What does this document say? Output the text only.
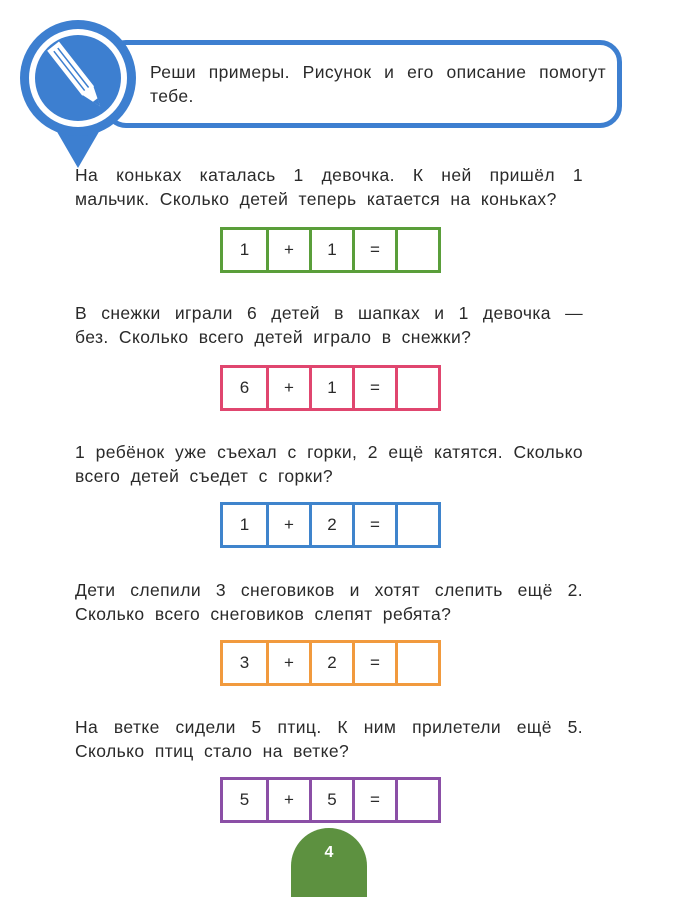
Реши примеры. Рисунок и его описание помогут тебе.
На коньках каталась 1 девочка. К ней пришёл 1 мальчик. Сколько детей теперь катается на коньках?
1	+	1	=
В снежки играли 6 детей в шапках и 1 девочка — без. Сколько всего детей играло в снежки?
6	+	1	=
1 ребёнок уже съехал с горки, 2 ещё катятся. Сколько всего детей съедет с горки?
1	+	2	=
Дети слепили 3 снеговиков и хотят слепить ещё 2. Сколько всего снеговиков слепят ребята?
3	+	2	=
На ветке сидели 5 птиц. К ним прилетели ещё 5. Сколько птиц стало на ветке?
5	+	5	=
4
